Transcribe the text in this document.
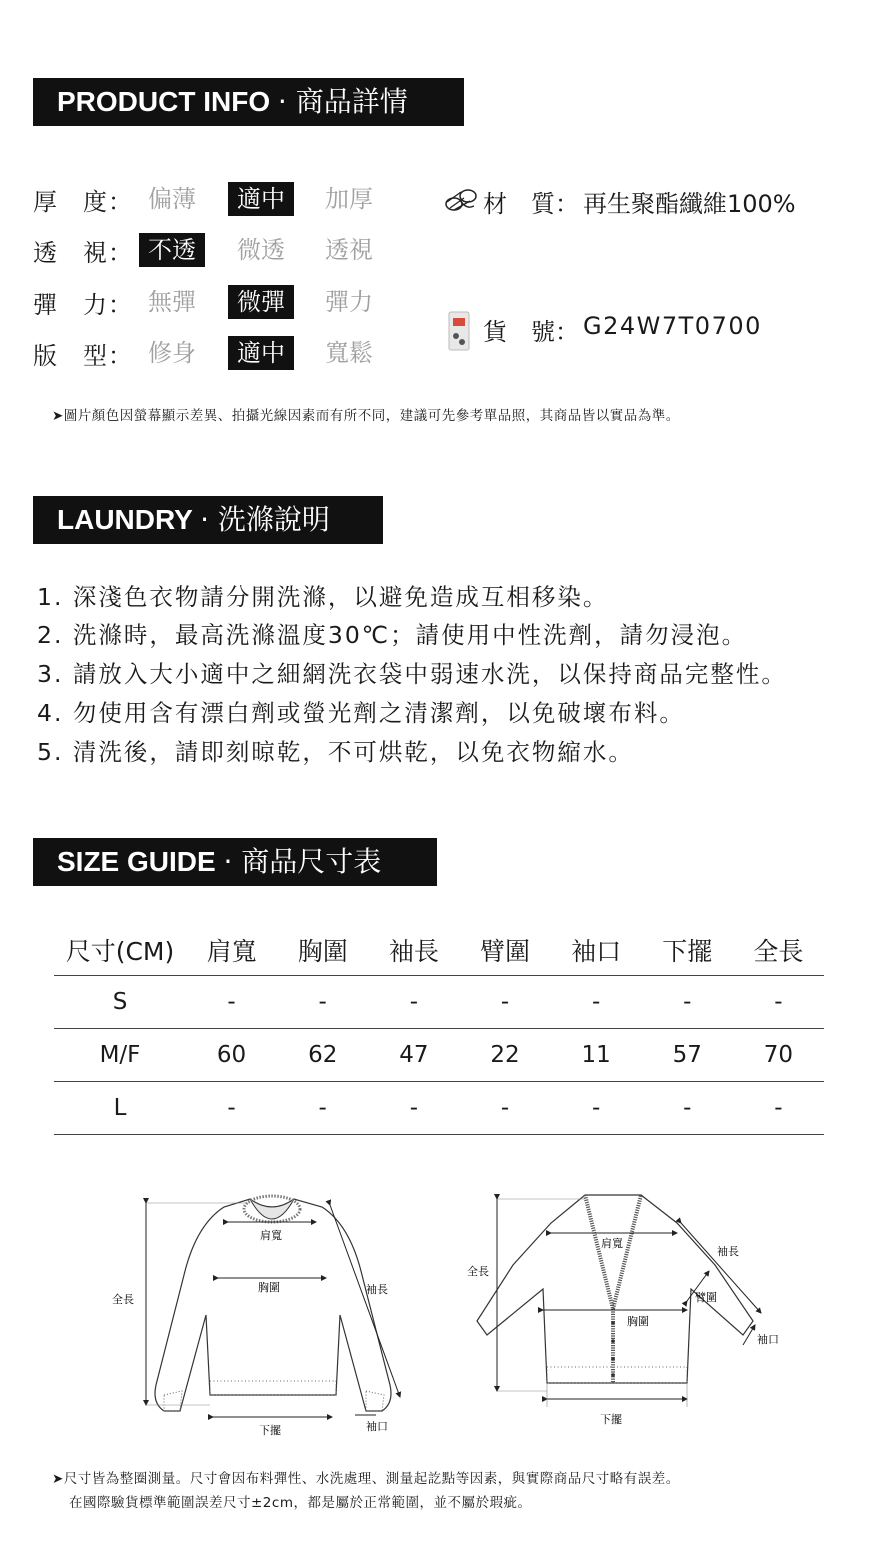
PRODUCT INFO · 商品詳情
厚　度： 偏薄	適中	加厚
透　視： 不透	微透 透視
彈　力： 無彈	微彈	彈力
版　型： 修身	適中	寬鬆
材　質： 再生聚酯纖維100%
貨　號： G24W7T0700
➤圖片顏色因螢幕顯示差異、拍攝光線因素而有所不同，建議可先參考單品照，其商品皆以實品為準。
LAUNDRY · 洗滌說明
1. 深淺色衣物請分開洗滌，以避免造成互相移染。
2. 洗滌時，最高洗滌溫度30℃；請使用中性洗劑，請勿浸泡。
3. 請放入大小適中之細網洗衣袋中弱速水洗，以保持商品完整性。
4. 勿使用含有漂白劑或螢光劑之清潔劑，以免破壞布料。
5. 清洗後，請即刻晾乾，不可烘乾，以免衣物縮水。
SIZE GUIDE · 商品尺寸表
尺寸(CM)	肩寬	胸圍	袖長	臂圍	袖口	下擺	全長
S	-	-	-	-	-	-	-
M/F	60	62	47	22	11	57	70
L	-	-	-	-	-	-	-
肩寬
胸圍
全長
袖長
下擺	袖口
肩寬
胸圍
全長
袖長
臂圍
袖口
下擺
➤尺寸皆為整圈測量。尺寸會因布料彈性、水洗處理、測量起訖點等因素，與實際商品尺寸略有誤差。
在國際驗貨標準範圍誤差尺寸±2cm，都是屬於正常範圍，並不屬於瑕疵。
